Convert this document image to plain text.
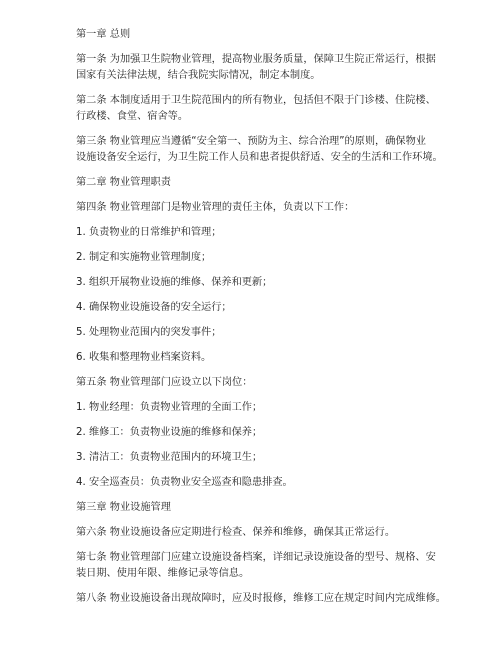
第一章 总则
第一条 为加强卫生院物业管理，提高物业服务质量，保障卫生院正常运行，根据
国家有关法律法规，结合我院实际情况，制定本制度。
第二条 本制度适用于卫生院范围内的所有物业，包括但不限于门诊楼、住院楼、
行政楼、食堂、宿舍等。
第三条 物业管理应当遵循“安全第一、预防为主、综合治理”的原则，确保物业
设施设备安全运行，为卫生院工作人员和患者提供舒适、安全的生活和工作环境。
第二章 物业管理职责
第四条 物业管理部门是物业管理的责任主体，负责以下工作：
1. 负责物业的日常维护和管理；
2. 制定和实施物业管理制度；
3. 组织开展物业设施的维修、保养和更新；
4. 确保物业设施设备的安全运行；
5. 处理物业范围内的突发事件；
6. 收集和整理物业档案资料。
第五条 物业管理部门应设立以下岗位：
1. 物业经理：负责物业管理的全面工作；
2. 维修工：负责物业设施的维修和保养；
3. 清洁工：负责物业范围内的环境卫生；
4. 安全巡查员：负责物业安全巡查和隐患排查。
第三章 物业设施管理
第六条 物业设施设备应定期进行检查、保养和维修，确保其正常运行。
第七条 物业管理部门应建立设施设备档案，详细记录设施设备的型号、规格、安
装日期、使用年限、维修记录等信息。
第八条 物业设施设备出现故障时，应及时报修，维修工应在规定时间内完成维修。
